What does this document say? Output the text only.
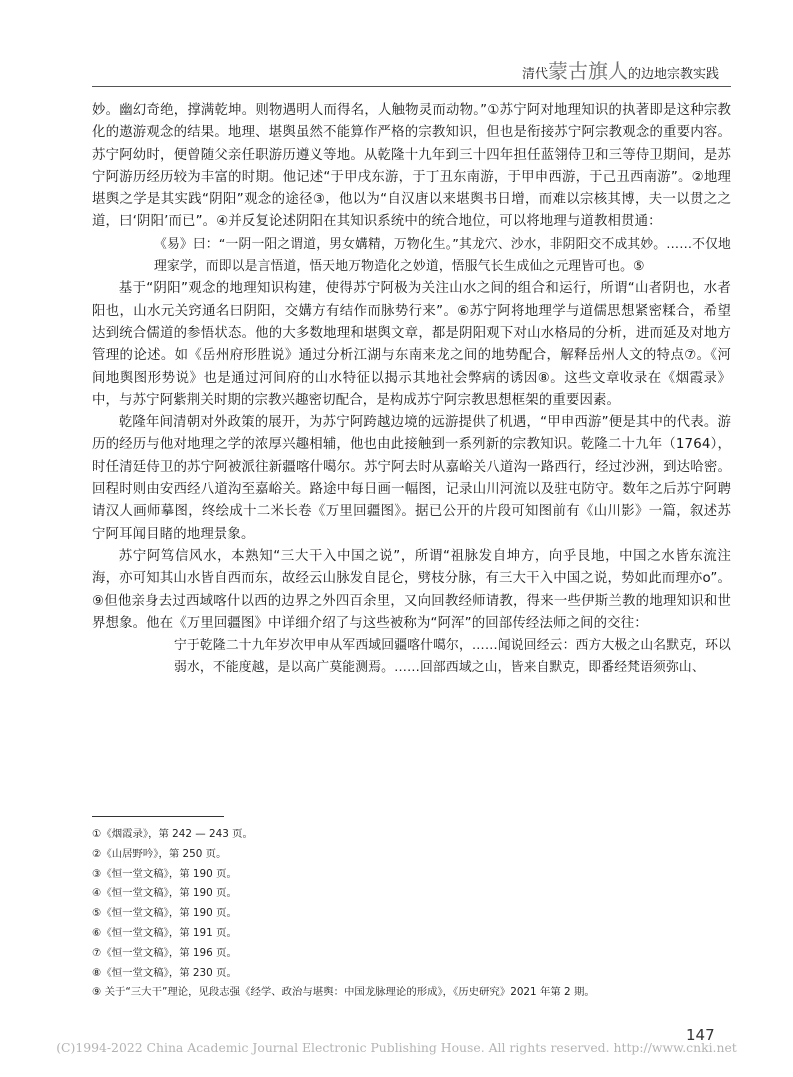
清代蒙古旗人的边地宗教实践

妙。幽幻奇绝，撑满乾坤。则物遇明人而得名，人触物灵而动物。”①苏宁阿对地理知识的执著即是这种宗教化的遨游观念的结果。地理、堪舆虽然不能算作严格的宗教知识，但也是衔接苏宁阿宗教观念的重要内容。苏宁阿幼时，便曾随父亲任职游历遵义等地。从乾隆十九年到三十四年担任蓝翎侍卫和三等侍卫期间，是苏宁阿游历经历较为丰富的时期。他记述“于甲戌东游，于丁丑东南游，于甲申西游，于己丑西南游”。②地理堪舆之学是其实践“阴阳”观念的途径③，他以为“自汉唐以来堪舆书日增，而难以宗核其博，夫一以贯之之道，曰‘阴阳’而已”。④并反复论述阴阳在其知识系统中的统合地位，可以将地理与道教相贯通：

《易》曰：“一阴一阳之谓道，男女媾精，万物化生。”其龙穴、沙水，非阴阳交不成其妙。……不仅地理家学，而即以是言悟道，悟天地万物造化之妙道，悟服气长生成仙之元理皆可也。⑤

基于“阴阳”观念的地理知识构建，使得苏宁阿极为关注山水之间的组合和运行，所谓“山者阴也，水者阳也，山水元关窍通名曰阴阳，交媾方有结作而脉势行来”。⑥苏宁阿将地理学与道儒思想紧密糅合，希望达到统合儒道的参悟状态。他的大多数地理和堪舆文章，都是阴阳观下对山水格局的分析，进而延及对地方管理的论述。如《岳州府形胜说》通过分析江湖与东南来龙之间的地势配合，解释岳州人文的特点⑦。《河间地舆图形势说》也是通过河间府的山水特征以揭示其地社会弊病的诱因⑧。这些文章收录在《烟霞录》中，与苏宁阿紫荆关时期的宗教兴趣密切配合，是构成苏宁阿宗教思想框架的重要因素。

乾隆年间清朝对外政策的展开，为苏宁阿跨越边境的远游提供了机遇，“甲申西游”便是其中的代表。游历的经历与他对地理之学的浓厚兴趣相辅，他也由此接触到一系列新的宗教知识。乾隆二十九年（1764），时任清廷侍卫的苏宁阿被派往新疆喀什噶尔。苏宁阿去时从嘉峪关八道沟一路西行，经过沙洲，到达哈密。回程时则由安西经八道沟至嘉峪关。路途中每日画一幅图，记录山川河流以及驻屯防守。数年之后苏宁阿聘请汉人画师摹图，终绘成十二米长卷《万里回疆图》。据已公开的片段可知图前有《山川影》一篇，叙述苏宁阿耳闻目睹的地理景象。

苏宁阿笃信风水，本熟知“三大干入中国之说”，所谓“祖脉发自坤方，向乎艮地，中国之水皆东流注海，亦可知其山水皆自西而东，故经云山脉发自昆仑，劈枝分脉，有三大干入中国之说，势如此而理亦o”。⑨但他亲身去过西域喀什以西的边界之外四百余里，又向回教经师请教，得来一些伊斯兰教的地理知识和世界想象。他在《万里回疆图》中详细介绍了与这些被称为“阿浑”的回部传经法师之间的交往：

宁于乾隆二十九年岁次甲申从军西域回疆喀什噶尔，……闻说回经云：西方大极之山名默克，环以弱水，不能度越，是以高广莫能测焉。……回部西域之山，皆来自默克，即番经梵语须弥山、
①《烟霞录》，第 242 — 243 页。
②《山居野吟》，第 250 页。
③《恒一堂文稿》，第 190 页。
④《恒一堂文稿》，第 190 页。
⑤《恒一堂文稿》，第 190 页。
⑥《恒一堂文稿》，第 191 页。
⑦《恒一堂文稿》，第 196 页。
⑧《恒一堂文稿》，第 230 页。
⑨ 关于“三大干”理论，见段志强《经学、政治与堪舆：中国龙脉理论的形成》，《历史研究》2021 年第 2 期。
147
(C)1994-2022 China Academic Journal Electronic Publishing House. All rights reserved. http://www.cnki.net
